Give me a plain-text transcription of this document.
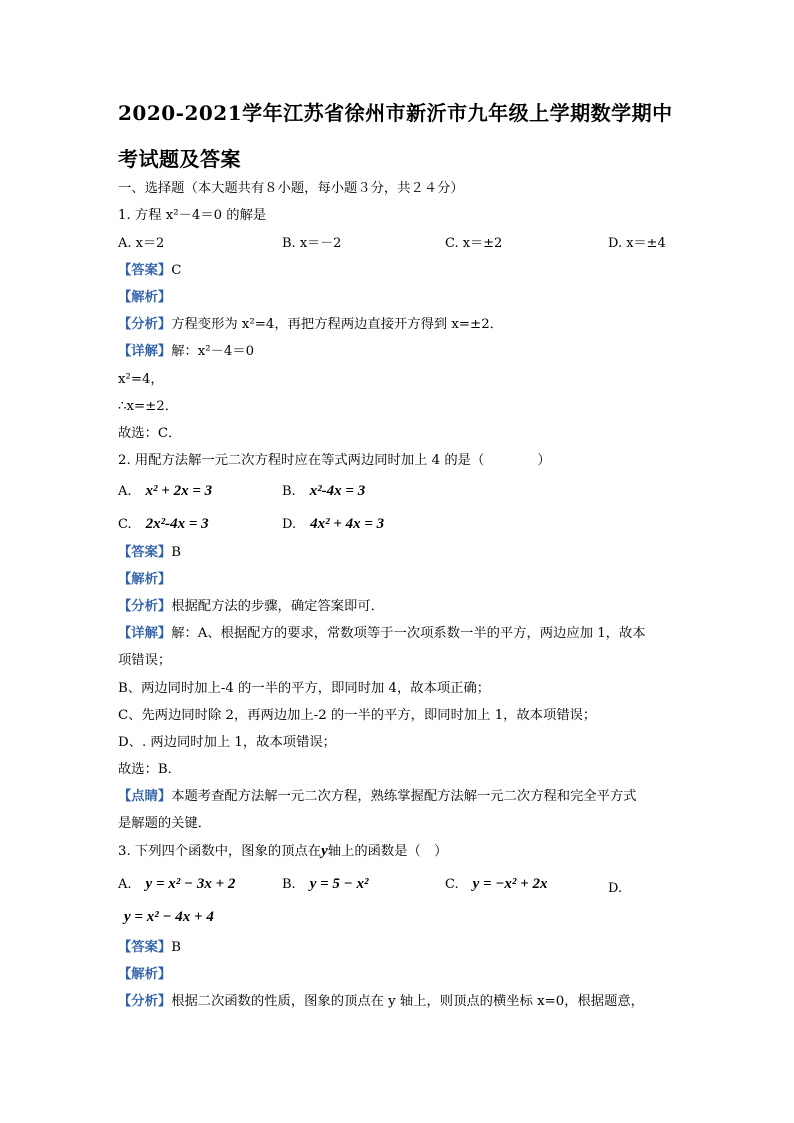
2020-2021学年江苏省徐州市新沂市九年级上学期数学期中
考试题及答案
一、选择题（本大题共有８小题，每小题３分，共２４分）
1. 方程 x²－4＝0 的解是
A. x＝2	B. x＝－2	C. x＝±2	D. x＝±4
【答案】C
【解析】
【分析】方程变形为 x²=4，再把方程两边直接开方得到 x=±2．
【详解】解：x²－4＝0
x²=4，
∴x=±2．
故选：C．
2. 用配方法解一元二次方程时应在等式两边同时加上 4 的是（　　　　）
A. x² + 2x = 3	B. x²-4x = 3
C. 2x²-4x = 3	D. 4x² + 4x = 3
【答案】B
【解析】
【分析】根据配方法的步骤，确定答案即可．
【详解】解：A、根据配方的要求，常数项等于一次项系数一半的平方，两边应加 1，故本
项错误；
B、两边同时加上-4 的一半的平方，即同时加 4，故本项正确；
C、先两边同时除 2，再两边加上-2 的一半的平方，即同时加上 1，故本项错误；
D、. 两边同时加上 1，故本项错误；
故选：B．
【点睛】本题考查配方法解一元二次方程，熟练掌握配方法解一元二次方程和完全平方式
是解题的关键．
3. 下列四个函数中，图象的顶点在y轴上的函数是（　）
A. y = x² − 3x + 2	B. y = 5 − x²	C. y = −x² + 2x	D.
y = x² − 4x + 4
【答案】B
【解析】
【分析】根据二次函数的性质，图象的顶点在 y 轴上，则顶点的横坐标 x=0，根据题意，
